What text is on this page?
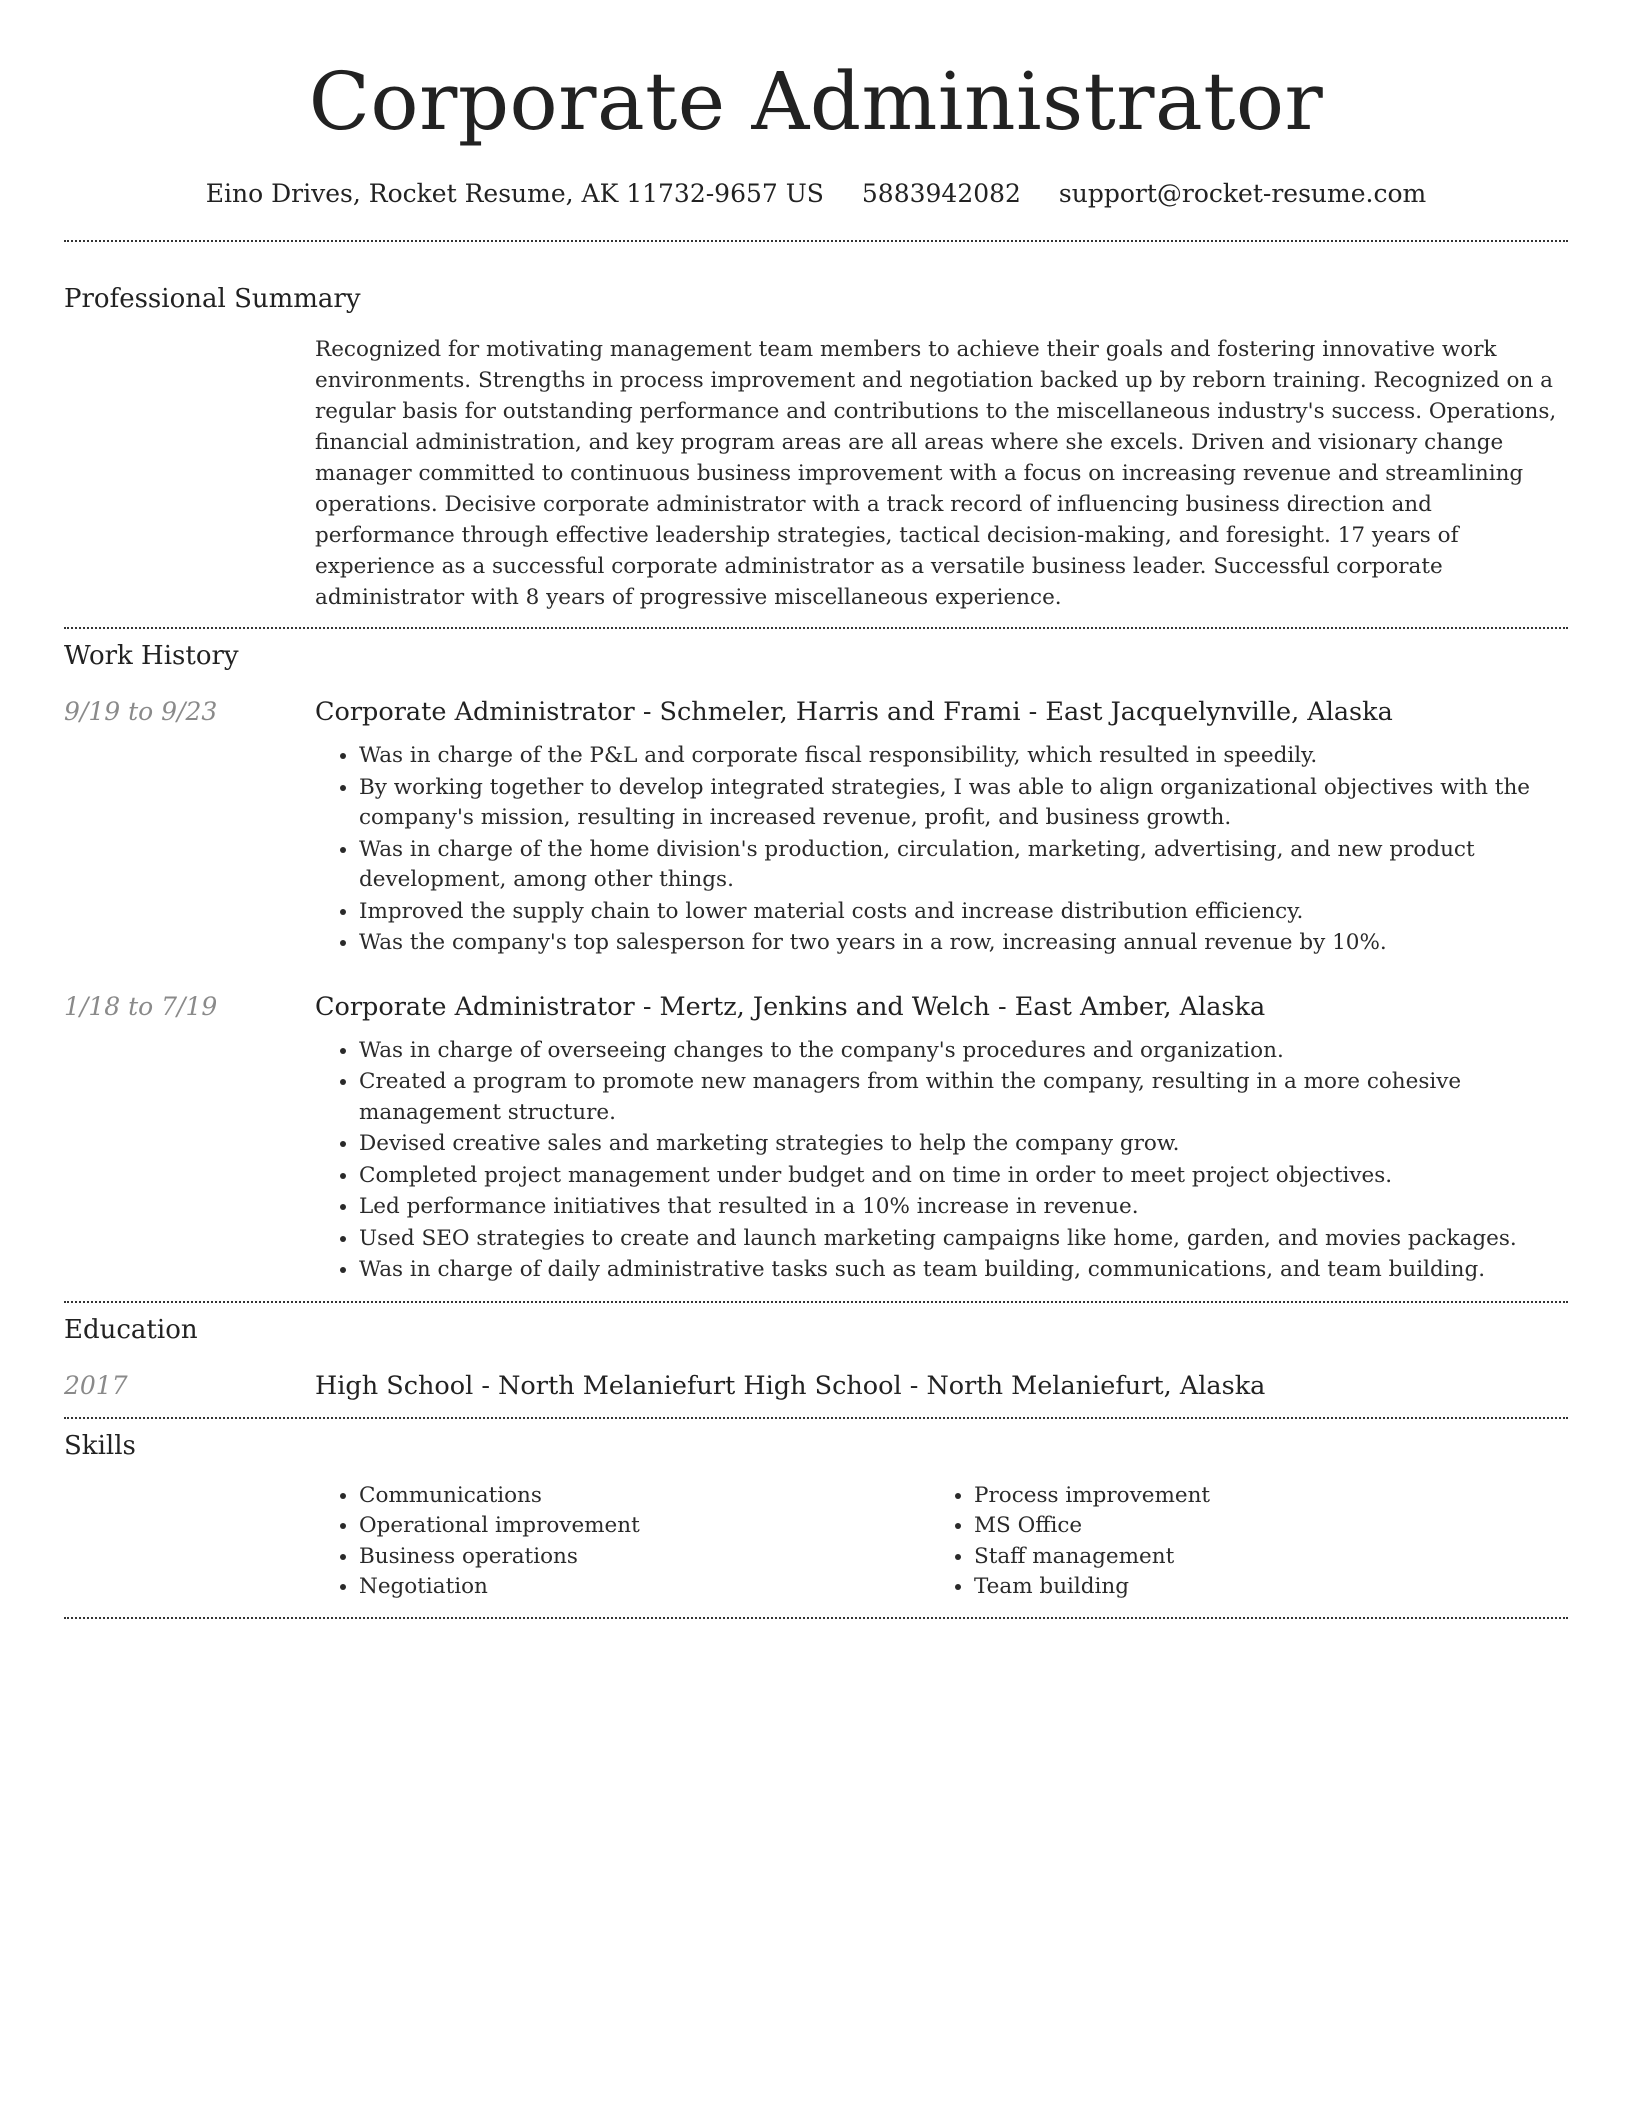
Corporate Administrator
Eino Drives, Rocket Resume, AK 11732-9657 US 5883942082 support@rocket-resume.com
Professional Summary

Recognized for motivating management team members to achieve their goals and fostering innovative work environments. Strengths in process improvement and negotiation backed up by reborn training. Recognized on a regular basis for outstanding performance and contributions to the miscellaneous industry's success. Operations, financial administration, and key program areas are all areas where she excels. Driven and visionary change manager committed to continuous business improvement with a focus on increasing revenue and streamlining operations. Decisive corporate administrator with a track record of influencing business direction and performance through effective leadership strategies, tactical decision-making, and foresight. 17 years of experience as a successful corporate administrator as a versatile business leader. Successful corporate administrator with 8 years of progressive miscellaneous experience.

Work History
9/19 to 9/23	Corporate Administrator - Schmeler, Harris and Frami - East Jacquelynville, Alaska
• Was in charge of the P&L and corporate fiscal responsibility, which resulted in speedily.
• By working together to develop integrated strategies, I was able to align organizational objectives with the company's mission, resulting in increased revenue, profit, and business growth.
• Was in charge of the home division's production, circulation, marketing, advertising, and new product development, among other things.
• Improved the supply chain to lower material costs and increase distribution efficiency.
• Was the company's top salesperson for two years in a row, increasing annual revenue by 10%.
1/18 to 7/19	Corporate Administrator - Mertz, Jenkins and Welch - East Amber, Alaska
• Was in charge of overseeing changes to the company's procedures and organization.
• Created a program to promote new managers from within the company, resulting in a more cohesive management structure.
• Devised creative sales and marketing strategies to help the company grow.
• Completed project management under budget and on time in order to meet project objectives.
• Led performance initiatives that resulted in a 10% increase in revenue.
• Used SEO strategies to create and launch marketing campaigns like home, garden, and movies packages.
• Was in charge of daily administrative tasks such as team building, communications, and team building.
Education
2017	High School - North Melaniefurt High School - North Melaniefurt, Alaska
Skills
• Communications
• Operational improvement
• Business operations
• Negotiation
• Process improvement
• MS Office
• Staff management
• Team building
